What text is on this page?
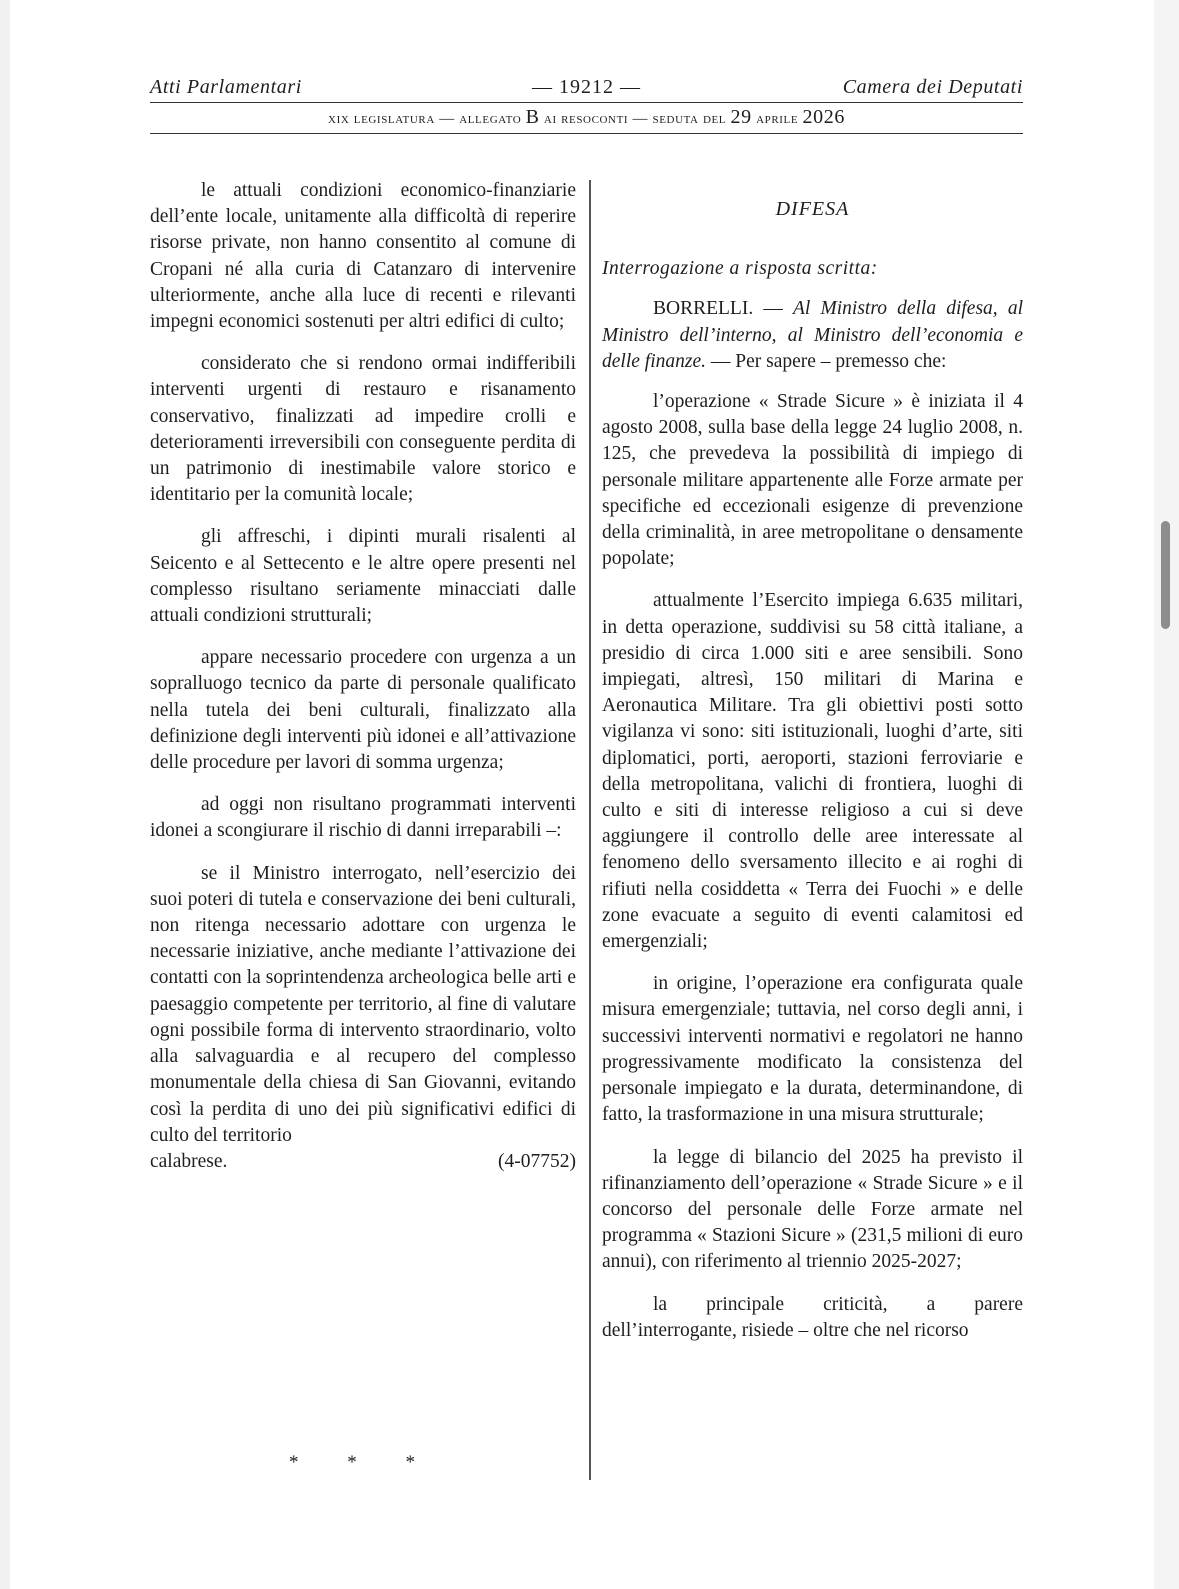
Atti Parlamentari	— 19212 —	Camera dei Deputati
xix legislatura — allegato B ai resoconti — seduta del 29 aprile 2026

le attuali condizioni economico-finanziarie dell’ente locale, unitamente alla difficoltà di reperire risorse private, non hanno consentito al comune di Cropani né alla curia di Catanzaro di intervenire ulteriormente, anche alla luce di recenti e rilevanti impegni economici sostenuti per altri edifici di culto;

considerato che si rendono ormai indifferibili interventi urgenti di restauro e risanamento conservativo, finalizzati ad impedire crolli e deterioramenti irreversibili con conseguente perdita di un patrimonio di inestimabile valore storico e identitario per la comunità locale;

gli affreschi, i dipinti murali risalenti al Seicento e al Settecento e le altre opere presenti nel complesso risultano seriamente minacciati dalle attuali condizioni strutturali;

appare necessario procedere con urgenza a un sopralluogo tecnico da parte di personale qualificato nella tutela dei beni culturali, finalizzato alla definizione degli interventi più idonei e all’attivazione delle procedure per lavori di somma urgenza;

ad oggi non risultano programmati interventi idonei a scongiurare il rischio di danni irreparabili –:

se il Ministro interrogato, nell’esercizio dei suoi poteri di tutela e conservazione dei beni culturali, non ritenga necessario adottare con urgenza le necessarie iniziative, anche mediante l’attivazione dei contatti con la soprintendenza archeologica belle arti e paesaggio competente per territorio, al fine di valutare ogni possibile forma di intervento straordinario, volto alla salvaguardia e al recupero del complesso monumentale della chiesa di San Giovanni, evitando così la perdita di uno dei più significativi edifici di culto del territorio

calabrese.	(4-07752)
* * *
DIFESA
Interrogazione a risposta scritta:

BORRELLI. — Al Ministro della difesa, al Ministro dell’interno, al Ministro dell’economia e delle finanze. — Per sapere – premesso che:

l’operazione « Strade Sicure » è iniziata il 4 agosto 2008, sulla base della legge 24 luglio 2008, n. 125, che prevedeva la possibilità di impiego di personale militare appartenente alle Forze armate per specifiche ed eccezionali esigenze di prevenzione della criminalità, in aree metropolitane o densamente popolate;

attualmente l’Esercito impiega 6.635 militari, in detta operazione, suddivisi su 58 città italiane, a presidio di circa 1.000 siti e aree sensibili. Sono impiegati, altresì, 150 militari di Marina e Aeronautica Militare. Tra gli obiettivi posti sotto vigilanza vi sono: siti istituzionali, luoghi d’arte, siti diplomatici, porti, aeroporti, stazioni ferroviarie e della metropolitana, valichi di frontiera, luoghi di culto e siti di interesse religioso a cui si deve aggiungere il controllo delle aree interessate al fenomeno dello sversamento illecito e ai roghi di rifiuti nella cosiddetta « Terra dei Fuochi » e delle zone evacuate a seguito di eventi calamitosi ed emergenziali;

in origine, l’operazione era configurata quale misura emergenziale; tuttavia, nel corso degli anni, i successivi interventi normativi e regolatori ne hanno progressivamente modificato la consistenza del personale impiegato e la durata, determinandone, di fatto, la trasformazione in una misura strutturale;

la legge di bilancio del 2025 ha previsto il rifinanziamento dell’operazione « Strade Sicure » e il concorso del personale delle Forze armate nel programma « Stazioni Sicure » (231,5 milioni di euro annui), con riferimento al triennio 2025-2027;

la principale criticità, a parere dell’interrogante, risiede – oltre che nel ricorso
